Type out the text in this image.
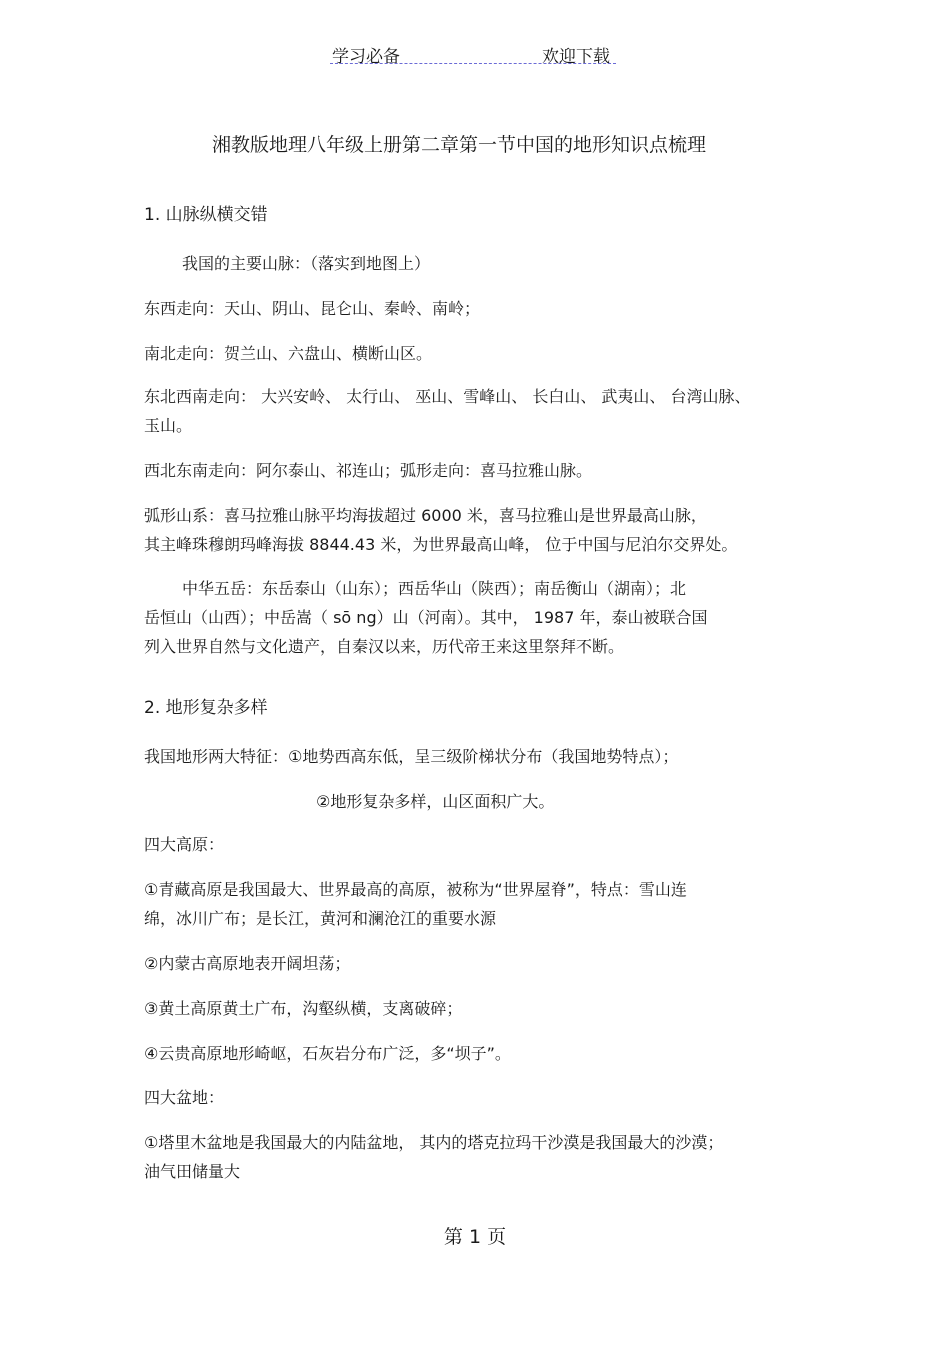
学习必备	欢迎下载
湘教版地理八年级上册第二章第一节中国的地形知识点梳理
1. 山脉纵横交错
我国的主要山脉：（落实到地图上）
东西走向：天山、阴山、昆仑山、秦岭、南岭；
南北走向：贺兰山、六盘山、横断山区。
东北西南走向： 大兴安岭、 太行山、 巫山、雪峰山、 长白山、 武夷山、 台湾山脉、
玉山。
西北东南走向：阿尔泰山、祁连山；弧形走向：喜马拉雅山脉。
弧形山系：喜马拉雅山脉平均海拔超过 6000 米，喜马拉雅山是世界最高山脉，
其主峰珠穆朗玛峰海拔 8844.43 米，为世界最高山峰， 位于中国与尼泊尔交界处。
中华五岳：东岳泰山（山东）；西岳华山（陕西）；南岳衡山（湖南）；北
岳恒山（山西）；中岳嵩（ sō ng）山（河南）。其中， 1987 年，泰山被联合国
列入世界自然与文化遗产，自秦汉以来，历代帝王来这里祭拜不断。
2. 地形复杂多样
我国地形两大特征：①地势西高东低，呈三级阶梯状分布（我国地势特点）；
②地形复杂多样，山区面积广大。
四大高原：
①青藏高原是我国最大、世界最高的高原，被称为“世界屋脊”，特点：雪山连
绵，冰川广布；是长江，黄河和澜沧江的重要水源
②内蒙古高原地表开阔坦荡；
③黄土高原黄土广布，沟壑纵横，支离破碎；
④云贵高原地形崎岖，石灰岩分布广泛，多“坝子”。
四大盆地：
①塔里木盆地是我国最大的内陆盆地， 其内的塔克拉玛干沙漠是我国最大的沙漠；
油气田储量大
第 1 页
